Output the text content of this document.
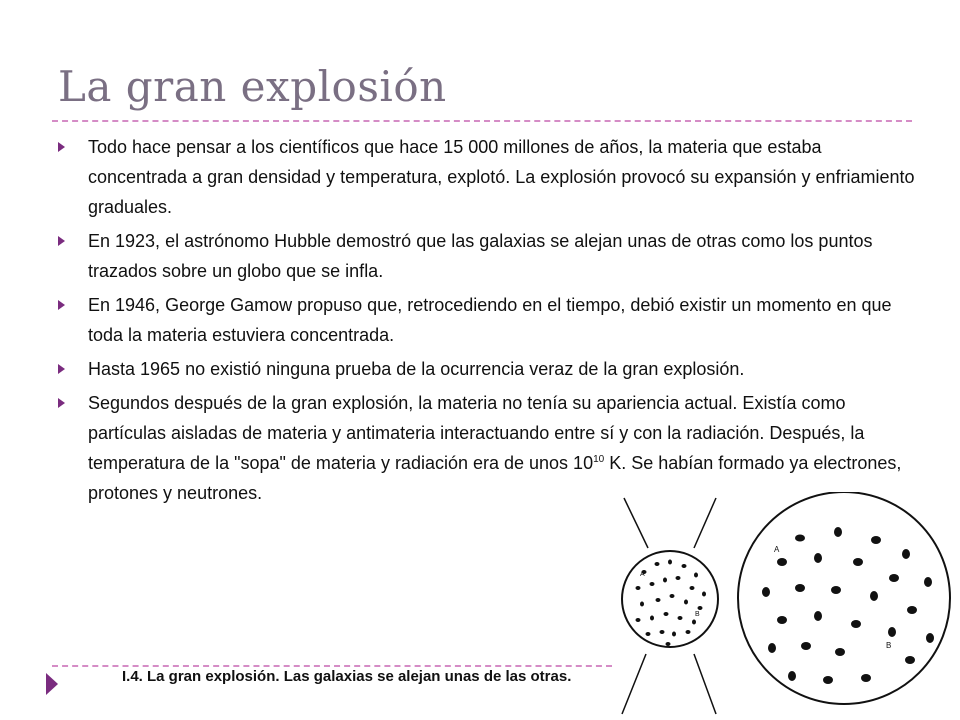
La gran explosión
Todo hace pensar a los científicos que hace 15 000 millones de años, la materia que estaba concentrada a gran densidad y temperatura, explotó. La explosión provocó su expansión y enfriamiento graduales.
En 1923, el astrónomo Hubble demostró que las galaxias se alejan unas de otras como los puntos trazados sobre un globo que se infla.
En 1946, George Gamow propuso que, retrocediendo en el tiempo, debió existir un momento en que toda la materia estuviera concentrada.
Hasta 1965 no existió ninguna prueba de la ocurrencia veraz de la gran explosión.
Segundos después de la gran explosión, la materia no tenía su apariencia actual. Existía como partículas aisladas de materia y antimateria interactuando entre sí y con la radiación. Después, la temperatura de la "sopa" de materia y radiación era de unos $10^{10}$ K. Se habían formado ya electrones, protones y neutrones.
I.4. La gran explosión. Las galaxias se alejan unas de las otras.
A
B
A
B
